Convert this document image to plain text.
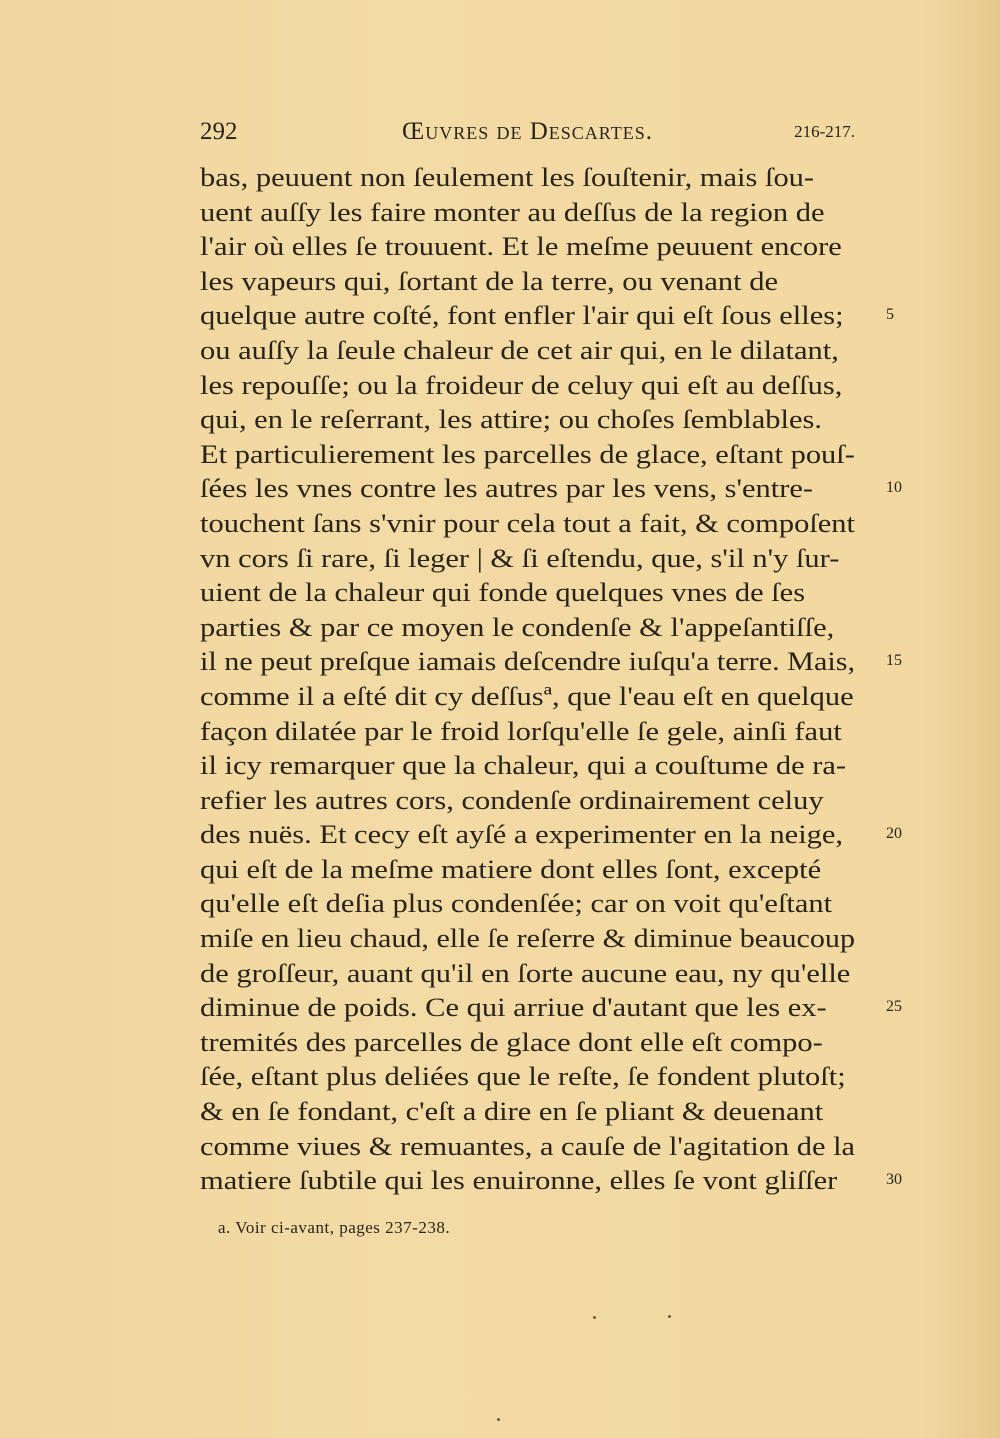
292	Œuvres de Descartes.	216-217.
bas, peuuent non ſeulement les ſouſtenir, mais ſou-
uent auſſy les faire monter au deſſus de la region de
l'air où elles ſe trouuent. Et le meſme peuuent encore
les vapeurs qui, ſortant de la terre, ou venant de
quelque autre coſté, font enfler l'air qui eſt ſous elles;	5
ou auſſy la ſeule chaleur de cet air qui, en le dilatant,
les repouſſe; ou la froideur de celuy qui eſt au deſſus,
qui, en le reſerrant, les attire; ou choſes ſemblables.
Et particulierement les parcelles de glace, eſtant pouſ-
ſées les vnes contre les autres par les vens, s'entre-	10
touchent ſans s'vnir pour cela tout a fait, & compoſent
vn cors ſi rare, ſi leger | & ſi eſtendu, que, s'il n'y ſur-
uient de la chaleur qui fonde quelques vnes de ſes
parties & par ce moyen le condenſe & l'appeſantiſſe,
il ne peut preſque iamais deſcendre iuſqu'a terre. Mais, 15
comme il a eſté dit cy deſſusª, que l'eau eſt en quelque
façon dilatée par le froid lorſqu'elle ſe gele, ainſi faut
il icy remarquer que la chaleur, qui a couſtume de ra-
refier les autres cors, condenſe ordinairement celuy
des nuës. Et cecy eſt ayſé a experimenter en la neige,	20
qui eſt de la meſme matiere dont elles ſont, excepté
qu'elle eſt deſia plus condenſée; car on voit qu'eſtant
miſe en lieu chaud, elle ſe reſerre & diminue beaucoup
de groſſeur, auant qu'il en ſorte aucune eau, ny qu'elle
diminue de poids. Ce qui arriue d'autant que les ex-	25
tremités des parcelles de glace dont elle eſt compo-
ſée, eſtant plus deliées que le reſte, ſe fondent plutoſt;
& en ſe fondant, c'eſt a dire en ſe pliant & deuenant
comme viues & remuantes, a cauſe de l'agitation de la
matiere ſubtile qui les enuironne, elles ſe vont gliſſer	30
a. Voir ci-avant, pages 237-238.
